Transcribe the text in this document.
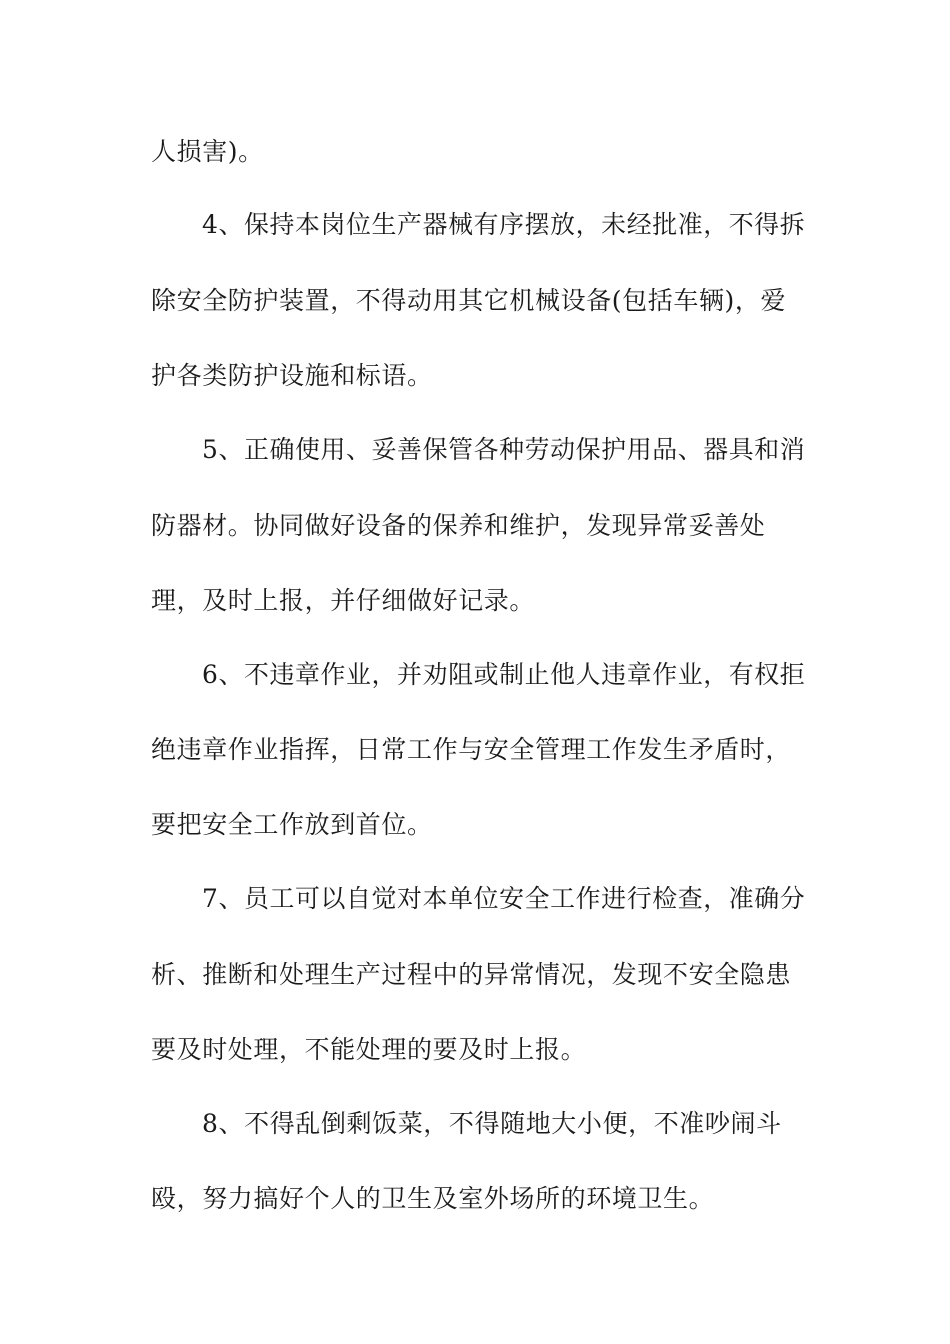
人损害)。
4、保持本岗位生产器械有序摆放，未经批准，不得拆
除安全防护装置，不得动用其它机械设备(包括车辆)，爱
护各类防护设施和标语。
5、正确使用、妥善保管各种劳动保护用品、器具和消
防器材。协同做好设备的保养和维护，发现异常妥善处
理，及时上报，并仔细做好记录。
6、不违章作业，并劝阻或制止他人违章作业，有权拒
绝违章作业指挥，日常工作与安全管理工作发生矛盾时，
要把安全工作放到首位。
7、员工可以自觉对本单位安全工作进行检查，准确分
析、推断和处理生产过程中的异常情况，发现不安全隐患
要及时处理，不能处理的要及时上报。
8、不得乱倒剩饭菜，不得随地大小便，不准吵闹斗
殴，努力搞好个人的卫生及室外场所的环境卫生。
